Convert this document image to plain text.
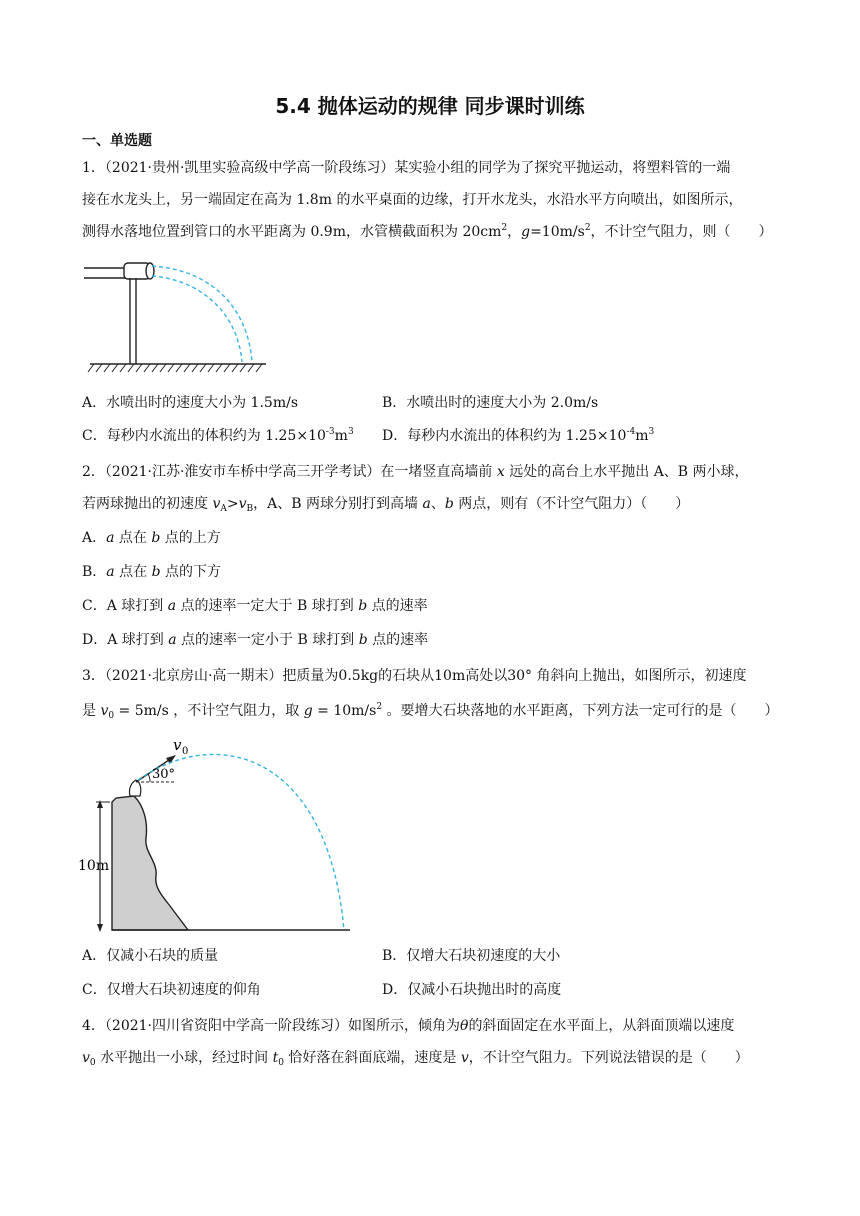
5.4 抛体运动的规律 同步课时训练
一、单选题
1．（2021·贵州·凯里实验高级中学高一阶段练习）某实验小组的同学为了探究平抛运动，将塑料管的一端
接在水龙头上，另一端固定在高为 1.8m 的水平桌面的边缘，打开水龙头，水沿水平方向喷出，如图所示，
测得水落地位置到管口的水平距离为 0.9m，水管横截面积为 $20cm^2$，$g=10m/s^2$，不计空气阻力，则（　　）
A．水喷出时的速度大小为 1.5m/s	B．水喷出时的速度大小为 2.0m/s
C．每秒内水流出的体积约为 $1.25\times 10^{-3}m^3$ D．每秒内水流出的体积约为 $1.25\times 10^{-4}m^3$
2．（2021·江苏·淮安市车桥中学高三开学考试）在一堵竖直高墙前 x 远处的高台上水平抛出 A、B 两小球，
若两球抛出的初速度 $v_A>v_B$，A、B 两球分别打到高墙 a、b 两点，则有（不计空气阻力）（　　）
A．a 点在 b 点的上方
B．a 点在 b 点的下方
C．A 球打到 a 点的速率一定大于 B 球打到 b 点的速率
D．A 球打到 a 点的速率一定小于 B 球打到 b 点的速率
3．（2021·北京房山·高一期末）把质量为0.5kg的石块从10m高处以30° 角斜向上抛出，如图所示，初速度
是 $v_0 = 5m/s$ ，不计空气阻力，取 $g = 10m/s^2$ 。要增大石块落地的水平距离，下列方法一定可行的是（　　）
v 0
30°
10m
A．仅减小石块的质量	B．仅增大石块初速度的大小
C．仅增大石块初速度的仰角	D．仅减小石块抛出时的高度
4．（2021·四川省资阳中学高一阶段练习）如图所示，倾角为θ的斜面固定在水平面上，从斜面顶端以速度
$v_0$ 水平抛出一小球，经过时间 $t_0$ 恰好落在斜面底端，速度是 v，不计空气阻力。下列说法错误的是（　　）
